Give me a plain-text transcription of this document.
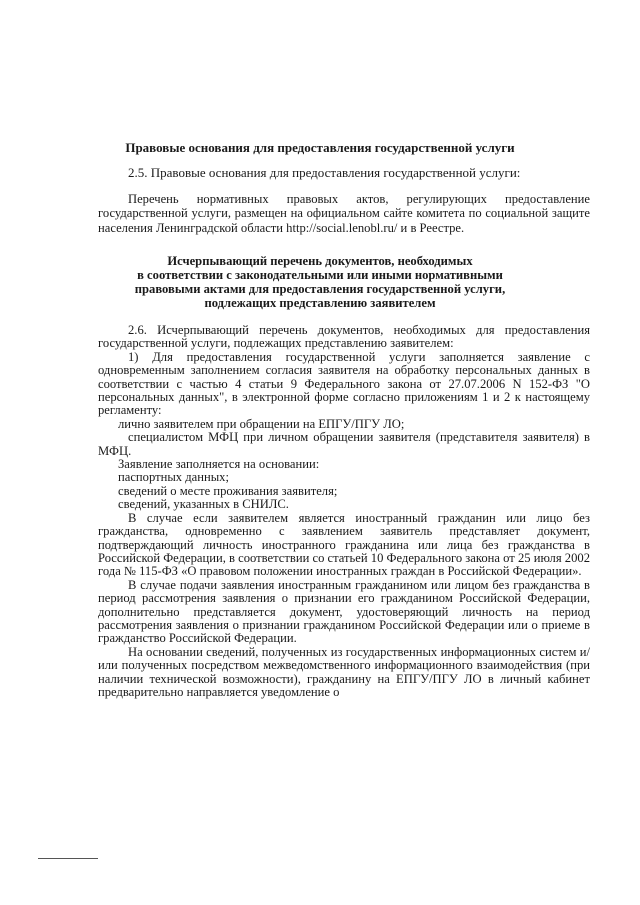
Правовые основания для предоставления государственной услуги
2.5. Правовые основания для предоставления государственной услуги:
Перечень нормативных правовых актов, регулирующих предоставление государственной услуги, размещен на официальном сайте комитета по социальной защите населения Ленинградской области http://social.lenobl.ru/ и в Реестре.
Исчерпывающий перечень документов, необходимых
в соответствии с законодательными или иными нормативными
правовыми актами для предоставления государственной услуги,
подлежащих представлению заявителем

2.6. Исчерпывающий перечень документов, необходимых для предоставления государственной услуги, подлежащих представлению заявителем:

1) Для предоставления государственной услуги заполняется заявление с одновременным заполнением согласия заявителя на обработку персональных данных в соответствии с частью 4 статьи 9 Федерального закона от 27.07.2006 N 152-ФЗ "О персональных данных", в электронной форме согласно приложениям 1 и 2 к настоящему регламенту:

лично заявителем при обращении на ЕПГУ/ПГУ ЛО;

специалистом МФЦ при личном обращении заявителя (представителя заявителя) в МФЦ.

Заявление заполняется на основании:

паспортных данных;

сведений о месте проживания заявителя;

сведений, указанных в СНИЛС.

В случае если заявителем является иностранный гражданин или лицо без гражданства, одновременно с заявлением заявитель представляет документ, подтверждающий личность иностранного гражданина или лица без гражданства в Российской Федерации, в соответствии со статьей 10 Федерального закона от 25 июля 2002 года № 115-ФЗ «О правовом положении иностранных граждан в Российской Федерации».

В случае подачи заявления иностранным гражданином или лицом без гражданства в период рассмотрения заявления о признании его гражданином Российской Федерации, дополнительно представляется документ, удостоверяющий личность на период рассмотрения заявления о признании гражданином Российской Федерации или о приеме в гражданство Российской Федерации.

На основании сведений, полученных из государственных информационных систем и/или полученных посредством межведомственного информационного взаимодействия (при наличии технической возможности), гражданину на ЕПГУ/ПГУ ЛО в личный кабинет предварительно направляется уведомление о
